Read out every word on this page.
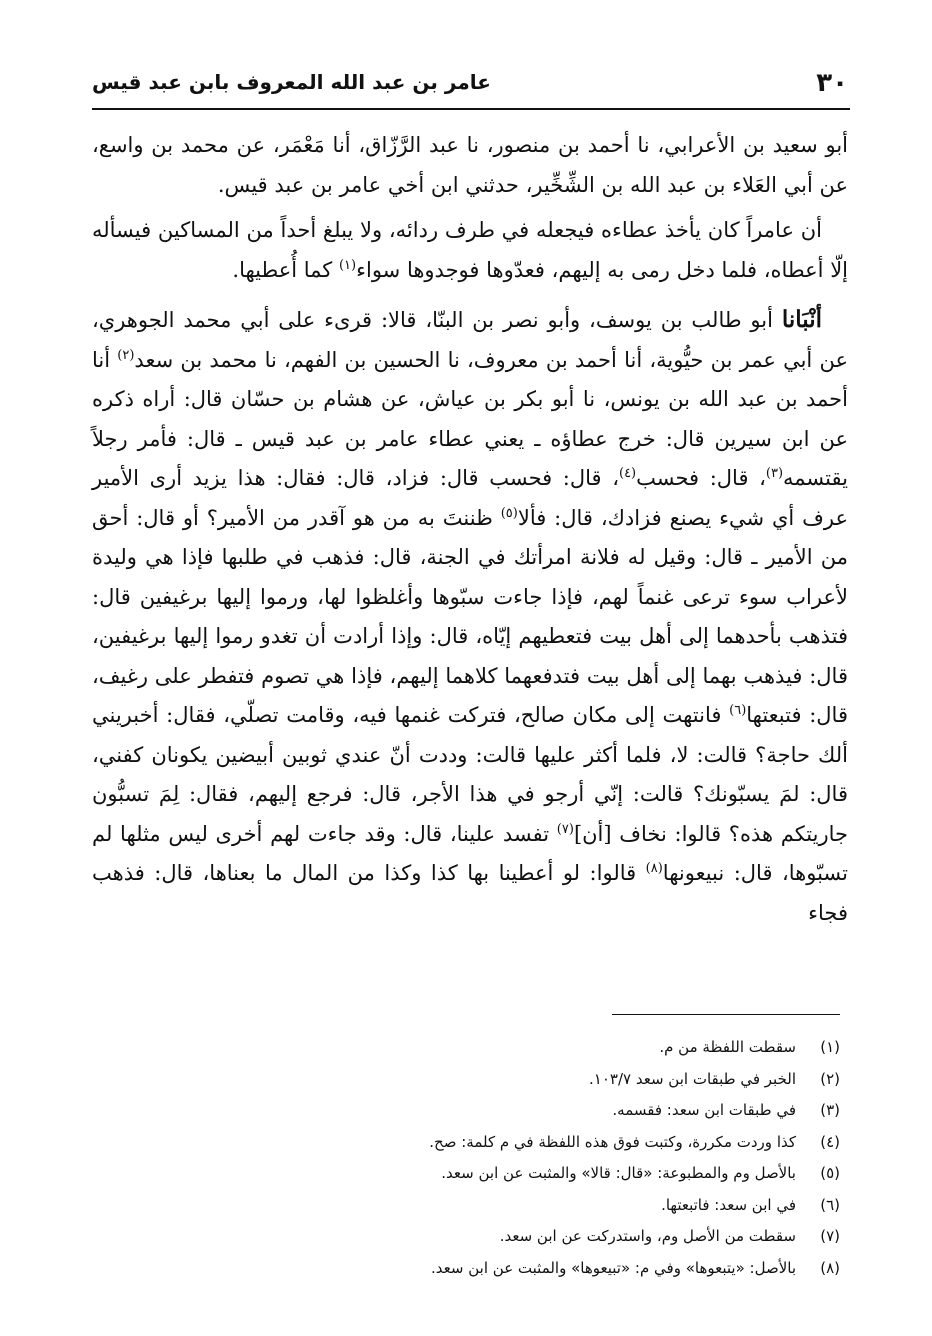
٣٠
عامر بن عبد الله المعروف بابن عبد قيس

أبو سعيد بن الأعرابي، نا أحمد بن منصور، نا عبد الرَّزّاق، أنا مَعْمَر، عن محمد بن واسع، عن أبي العَلاء بن عبد الله بن الشِّخِّير، حدثني ابن أخي عامر بن عبد قيس.

أن عامراً كان يأخذ عطاءه فيجعله في طرف ردائه، ولا يبلغ أحداً من المساكين فيسأله إلّا أعطاه، فلما دخل رمى به إليهم، فعدّوها فوجدوها سواء$^{(١)}$ كما أُعطيها.

أنْبَانا أبو طالب بن يوسف، وأبو نصر بن البنّا، قالا: قرىء على أبي محمد الجوهري، عن أبي عمر بن حيُّوية، أنا أحمد بن معروف، نا الحسين بن الفهم، نا محمد بن سعد$^{(٢)}$ أنا أحمد بن عبد الله بن يونس، نا أبو بكر بن عياش، عن هشام بن حسّان قال: أراه ذكره عن ابن سيرين قال: خرج عطاؤه ـ يعني عطاء عامر بن عبد قيس ـ قال: فأمر رجلاً يقتسمه$^{(٣)}$، قال: فحسب$^{(٤)}$، قال: فحسب قال: فزاد، قال: فقال: هذا يزيد أرى الأمير عرف أي شيء يصنع فزادك، قال: فألا$^{(٥)}$ ظننتَ به من هو آقدر من الأمير؟ أو قال: أحق من الأمير ـ قال: وقيل له فلانة امرأتك في الجنة، قال: فذهب في طلبها فإذا هي وليدة لأعراب سوء ترعى غنماً لهم، فإذا جاءت سبّوها وأغلظوا لها، ورموا إليها برغيفين قال: فتذهب بأحدهما إلى أهل بيت فتعطيهم إيّاه، قال: وإذا أرادت أن تغدو رموا إليها برغيفين، قال: فيذهب بهما إلى أهل بيت فتدفعهما كلاهما إليهم، فإذا هي تصوم فتفطر على رغيف، قال: فتبعتها$^{(٦)}$ فانتهت إلى مكان صالح، فتركت غنمها فيه، وقامت تصلّي، فقال: أخبريني ألك حاجة؟ قالت: لا، فلما أكثر عليها قالت: وددت أنّ عندي ثوبين أبيضين يكونان كفني، قال: لمَ يسبّونك؟ قالت: إنّي أرجو في هذا الأجر، قال: فرجع إليهم، فقال: لِمَ تسبُّون جاريتكم هذه؟ قالوا: نخاف [أن]$^{(٧)}$ تفسد علينا، قال: وقد جاءت لهم أخرى ليس مثلها لم تسبّوها، قال: نبيعونها$^{(٨)}$ قالوا: لو أعطينا بها كذا وكذا من المال ما بعناها، قال: فذهب فجاء

(١)
سقطت اللفظة من م.
(٢)
الخبر في طبقات ابن سعد ١٠٣/٧.
(٣)
في طبقات ابن سعد: فقسمه.
(٤)
كذا وردت مكررة، وكتبت فوق هذه اللفظة في م كلمة: صح.
(٥)
بالأصل وم والمطبوعة: «قال: قالا» والمثبت عن ابن سعد.
(٦)
في ابن سعد: فاتبعتها.
(٧)
سقطت من الأصل وم، واستدركت عن ابن سعد.
(٨)
بالأصل: «يتبعوها» وفي م: «تبيعوها» والمثبت عن ابن سعد.
